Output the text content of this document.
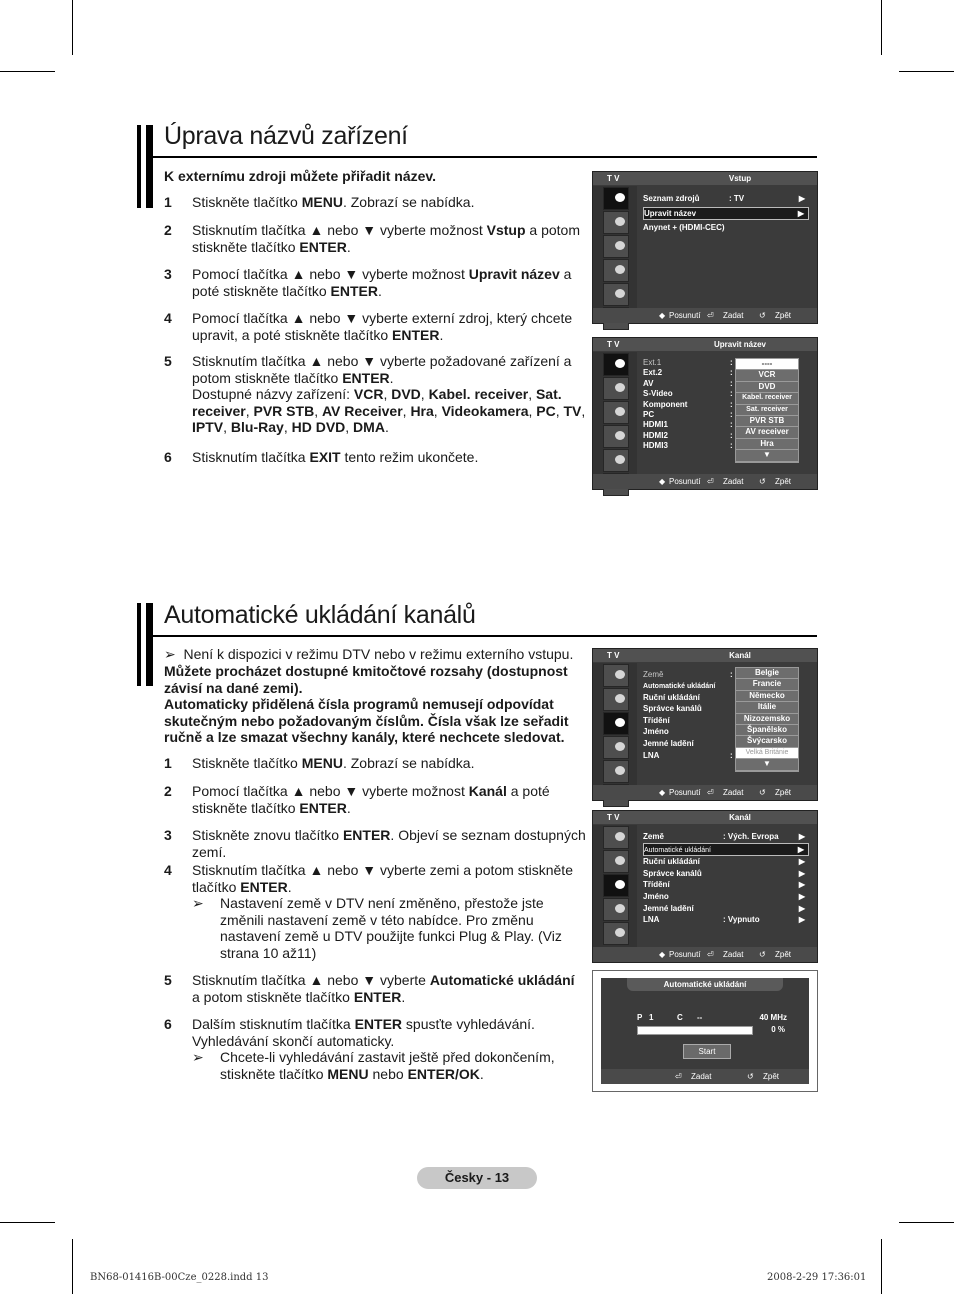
Úprava názvů zařízení
K externímu zdroji můžete přiřadit název.
1 Stiskněte tlačítko MENU. Zobrazí se nabídka.
2 Stisknutím tlačítka ▲ nebo ▼ vyberte možnost Vstup a potom stiskněte tlačítko ENTER.
3 Pomocí tlačítka ▲ nebo ▼ vyberte možnost Upravit název a poté stiskněte tlačítko ENTER.
4 Pomocí tlačítka ▲ nebo ▼ vyberte externí zdroj, který chcete upravit, a poté stiskněte tlačítko ENTER.
5 Stisknutím tlačítka ▲ nebo ▼ vyberte požadované zařízení a potom stiskněte tlačítko ENTER.
Dostupné názvy zařízení: VCR, DVD, Kabel. receiver, Sat. receiver, PVR STB, AV Receiver, Hra, Videokamera, PC, TV, IPTV, Blu-Ray, HD DVD, DMA.
6 Stisknutím tlačítka EXIT tento režim ukončete.
T V	Vstup
Seznam zdrojů	: TV	▶
Upravit název	▶
Anynet + (HDMI-CEC)
◆ Posunutí ⏎ Zadat ↺ Zpět
T V	Upravit název
Ext.1	:
Ext.2	:
AV	:
S-Video	:
Komponent	:
PC	:
HDMI1	:
HDMI2	:
HDMI3	:
----
VCR
DVD
Kabel. receiver
Sat. receiver
PVR STB
AV receiver
Hra
▼
◆ Posunutí ⏎ Zadat ↺ Zpět
Automatické ukládání kanálů
➢ Není k dispozici v režimu DTV nebo v režimu externího vstupu.
Můžete procházet dostupné kmitočtové rozsahy (dostupnost závisí na dané zemi).
Automaticky přidělená čísla programů nemusejí odpovídat skutečným nebo požadovaným číslům. Čísla však lze seřadit ručně a lze smazat všechny kanály, které nechcete sledovat.
1 Stiskněte tlačítko MENU. Zobrazí se nabídka.
2 Pomocí tlačítka ▲ nebo ▼ vyberte možnost Kanál a poté stiskněte tlačítko ENTER.
3 Stiskněte znovu tlačítko ENTER. Objeví se seznam dostupných zemí.
4 Stisknutím tlačítka ▲ nebo ▼ vyberte zemi a potom stiskněte tlačítko ENTER.
➢ Nastavení země v DTV není změněno, přestože jste změnili nastavení země v této nabídce. Pro změnu nastavení země u DTV použijte funkci Plug & Play. (Viz strana 10 až11)
5 Stisknutím tlačítka ▲ nebo ▼ vyberte Automatické ukládání a potom stiskněte tlačítko ENTER.
6 Dalším stisknutím tlačítka ENTER spusťte vyhledávání. Vyhledávání skončí automaticky.
➢ Chcete-li vyhledávání zastavit ještě před dokončením, stiskněte tlačítko MENU nebo ENTER/OK.
T V	Kanál
Země	:
Automatické ukládání
Ruční ukládání
Správce kanálů
Třídění
Jméno
Jemné ladění
LNA	:
Belgie
Francie
Německo
Itálie
Nizozemsko
Španělsko
Švýcarsko
Velká Británie
▼
◆ Posunutí ⏎ Zadat ↺ Zpět
T V	Kanál
Země	: Vých. Evropa	▶
Automatické ukládání	▶
Ruční ukládání	▶
Správce kanálů	▶
Třídění	▶
Jméno	▶
Jemné ladění	▶
LNA	: Vypnuto	▶
◆ Posunutí ⏎ Zadat ↺ Zpět
Automatické ukládání
P 1	C --	40 MHz
0 %
Start
⏎ Zadat	↺ Zpět
Česky - 13
BN68-01416B-00Cze_0228.indd 13	2008-2-29 17:36:01
